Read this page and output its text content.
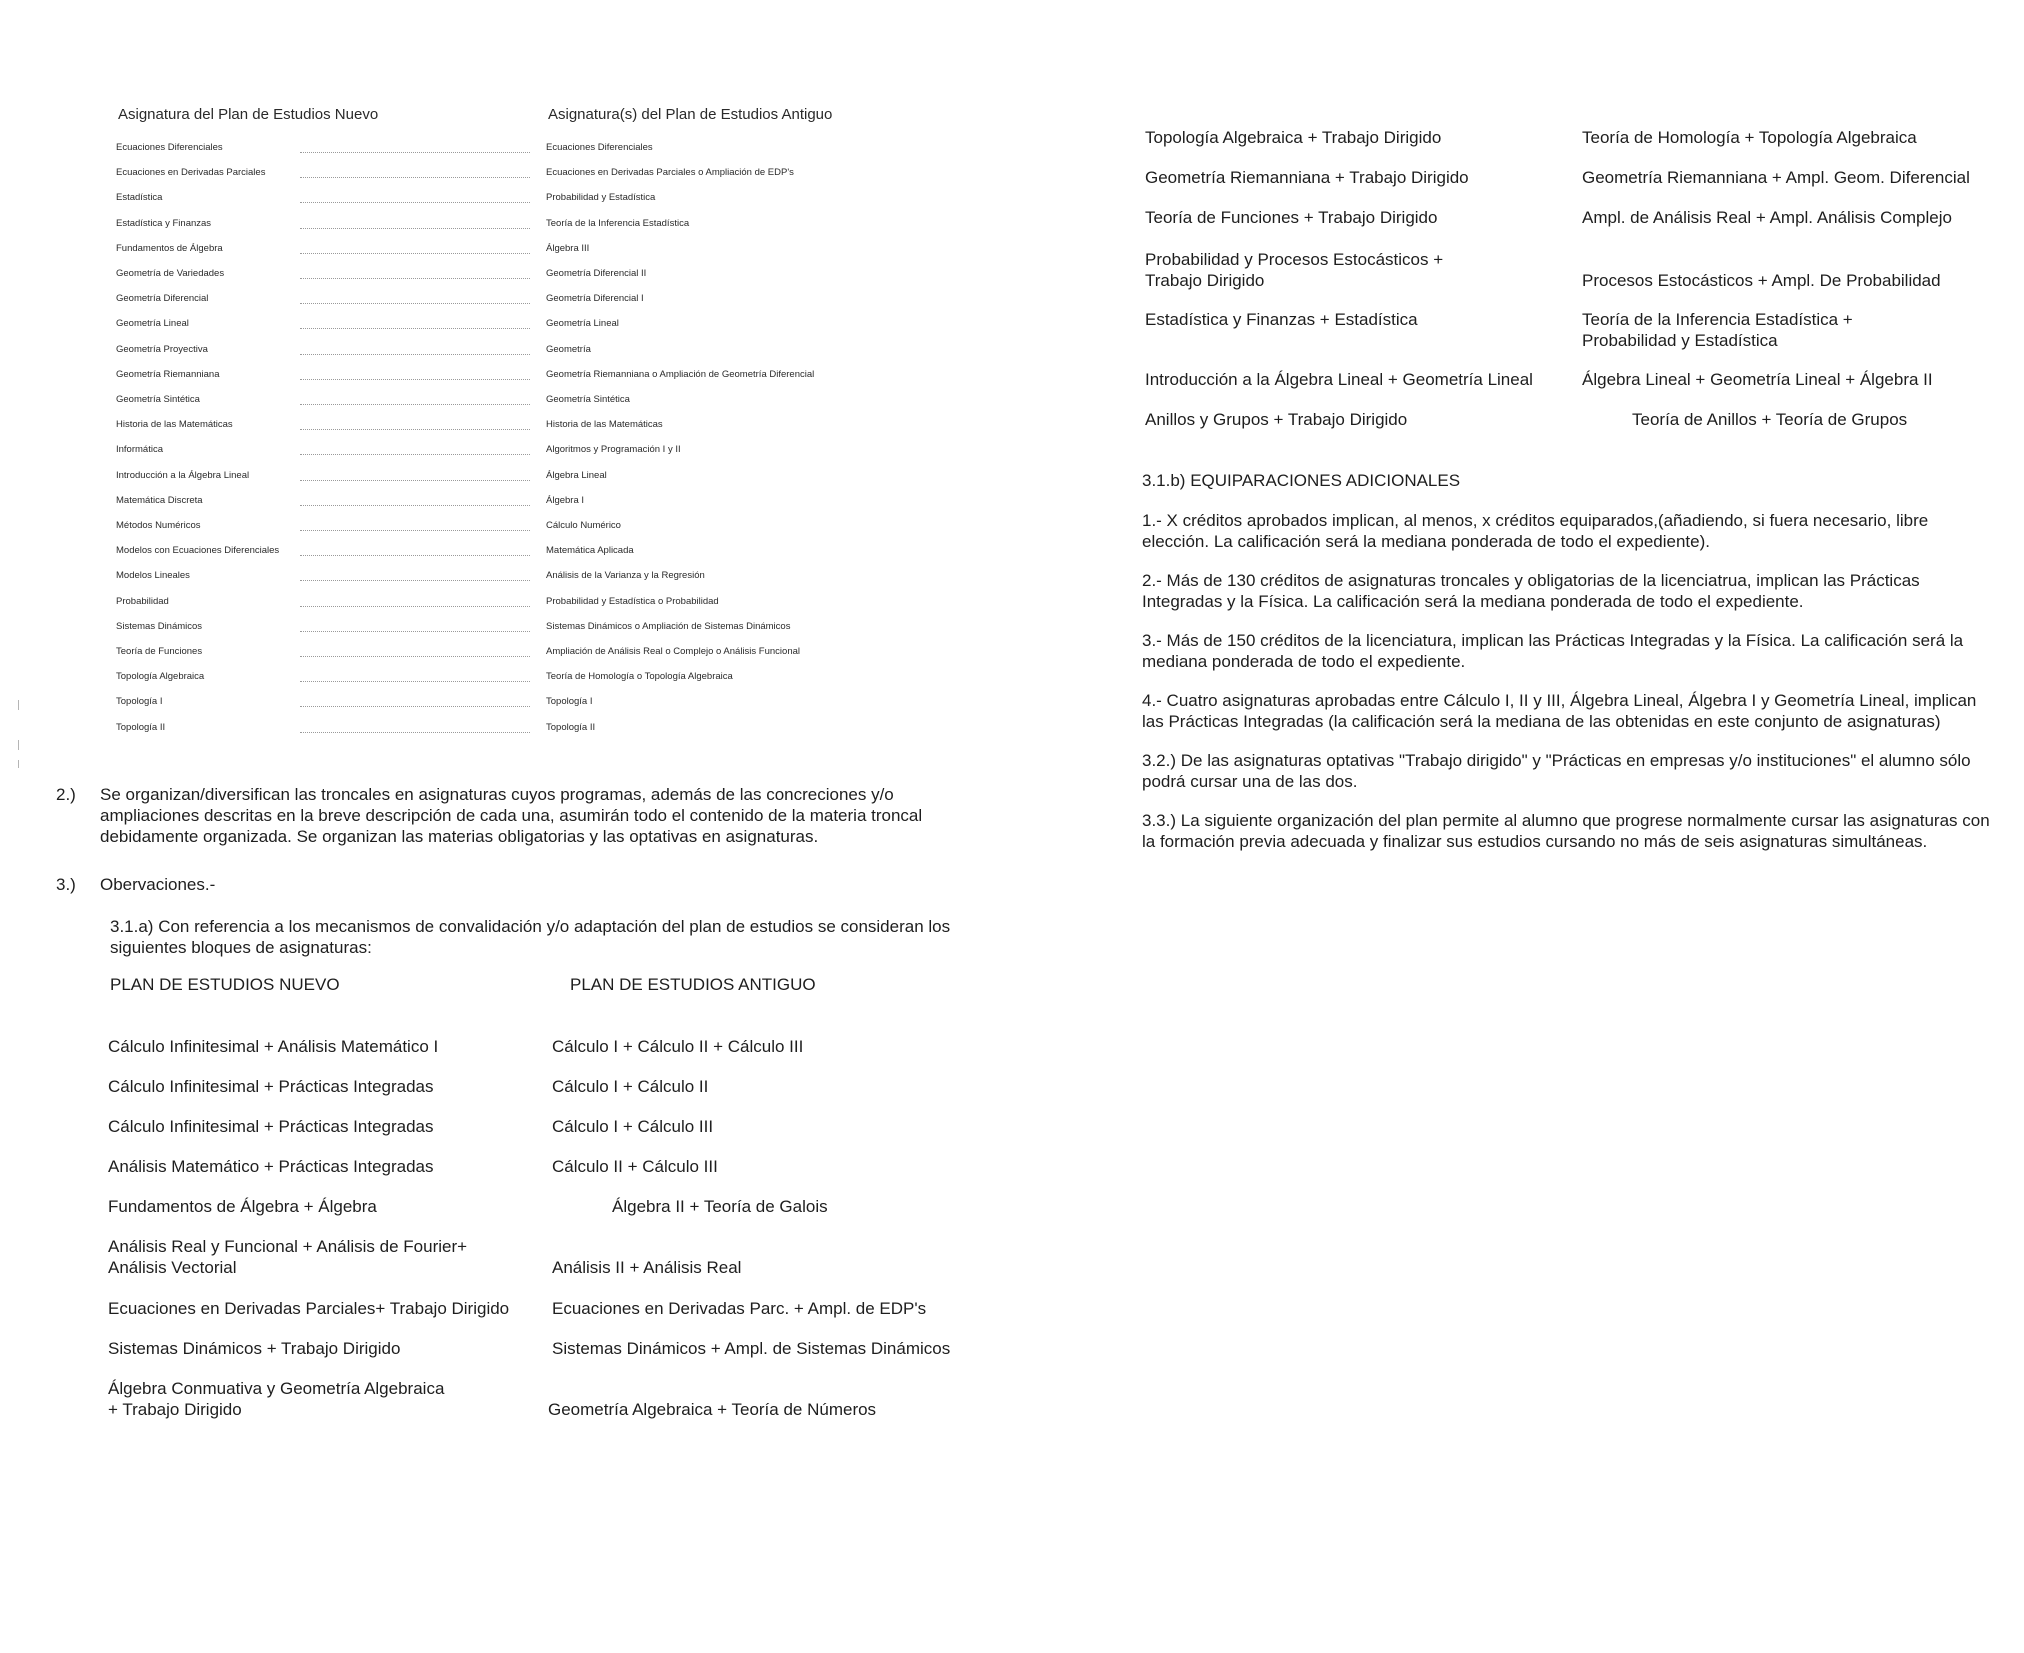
Asignatura del Plan de Estudios Nuevo	Asignatura(s) del Plan de Estudios Antiguo
Ecuaciones Diferenciales	Ecuaciones Diferenciales
Ecuaciones en Derivadas Parciales	Ecuaciones en Derivadas Parciales o Ampliación de EDP's
Estadística	Probabilidad y Estadística
Estadística y Finanzas	Teoría de la Inferencia Estadística
Fundamentos de Álgebra	Álgebra III
Geometría de Variedades	Geometría Diferencial II
Geometría Diferencial	Geometría Diferencial I
Geometría Lineal	Geometría Lineal
Geometría Proyectiva	Geometría
Geometría Riemanniana	Geometría Riemanniana o Ampliación de Geometría Diferencial
Geometría Sintética	Geometría Sintética
Historia de las Matemáticas	Historia de las Matemáticas
Informática	Algoritmos y Programación I y II
Introducción a la Álgebra Lineal	Álgebra Lineal
Matemática Discreta	Álgebra I
Métodos Numéricos	Cálculo Numérico
Modelos con Ecuaciones Diferenciales	Matemática Aplicada
Modelos Lineales	Análisis de la Varianza y la Regresión
Probabilidad	Probabilidad y Estadística o Probabilidad
Sistemas Dinámicos	Sistemas Dinámicos o Ampliación de Sistemas Dinámicos
Teoría de Funciones	Ampliación de Análisis Real o Complejo o Análisis Funcional
Topología Algebraica	Teoría de Homología o Topología Algebraica
Topología I	Topología I
Topología II	Topología II
2.) Se organizan/diversifican las troncales en asignaturas cuyos programas, además de las concreciones y/o ampliaciones descritas en la breve descripción de cada una, asumirán todo el contenido de la materia troncal debidamente organizada. Se organizan las materias obligatorias y las optativas en asignaturas.
3.) Obervaciones.-
3.1.a) Con referencia a los mecanismos de convalidación y/o adaptación del plan de estudios se consideran los siguientes bloques de asignaturas:
PLAN DE ESTUDIOS NUEVO	PLAN DE ESTUDIOS ANTIGUO
Cálculo Infinitesimal + Análisis Matemático I	Cálculo I + Cálculo II + Cálculo III
Cálculo Infinitesimal + Prácticas Integradas	Cálculo I + Cálculo II
Cálculo Infinitesimal + Prácticas Integradas	Cálculo I + Cálculo III
Análisis Matemático + Prácticas Integradas	Cálculo II + Cálculo III
Fundamentos de Álgebra + Álgebra	Álgebra II + Teoría de Galois
Análisis Real y Funcional + Análisis de Fourier+
Análisis Vectorial	Análisis II + Análisis Real
Ecuaciones en Derivadas Parciales+ Trabajo Dirigido	Ecuaciones en Derivadas Parc. + Ampl. de EDP's
Sistemas Dinámicos + Trabajo Dirigido	Sistemas Dinámicos + Ampl. de Sistemas Dinámicos
Álgebra Conmuativa y Geometría Algebraica
+ Trabajo Dirigido	Geometría Algebraica + Teoría de Números
Topología Algebraica + Trabajo Dirigido	Teoría de Homología + Topología Algebraica
Geometría Riemanniana + Trabajo Dirigido	Geometría Riemanniana + Ampl. Geom. Diferencial
Teoría de Funciones + Trabajo Dirigido	Ampl. de Análisis Real + Ampl. Análisis Complejo
Probabilidad y Procesos Estocásticos +
Trabajo Dirigido	Procesos Estocásticos + Ampl. De Probabilidad
Estadística y Finanzas + Estadística	Teoría de la Inferencia Estadística +
Probabilidad y Estadística
Introducción a la Álgebra Lineal + Geometría Lineal	Álgebra Lineal + Geometría Lineal + Álgebra II
Anillos y Grupos + Trabajo Dirigido	Teoría de Anillos + Teoría de Grupos
3.1.b) EQUIPARACIONES ADICIONALES
1.- X créditos aprobados implican, al menos, x créditos equiparados,(añadiendo, si fuera necesario, libre elección. La calificación será la mediana ponderada de todo el expediente).
2.- Más de 130 créditos de asignaturas troncales y obligatorias de la licenciatrua, implican las Prácticas Integradas y la Física. La calificación será la mediana ponderada de todo el expediente.
3.- Más de 150 créditos de la licenciatura, implican las Prácticas Integradas y la Física. La calificación será la mediana ponderada de todo el expediente.
4.- Cuatro asignaturas aprobadas entre Cálculo I, II y III, Álgebra Lineal, Álgebra I y Geometría Lineal, implican las Prácticas Integradas (la calificación será la mediana de las obtenidas en este conjunto de asignaturas)
3.2.) De las asignaturas optativas "Trabajo dirigido" y "Prácticas en empresas y/o instituciones" el alumno sólo podrá cursar una de las dos.
3.3.) La siguiente organización del plan permite al alumno que progrese normalmente cursar las asignaturas con la formación previa adecuada y finalizar sus estudios cursando no más de seis asignaturas simultáneas.
